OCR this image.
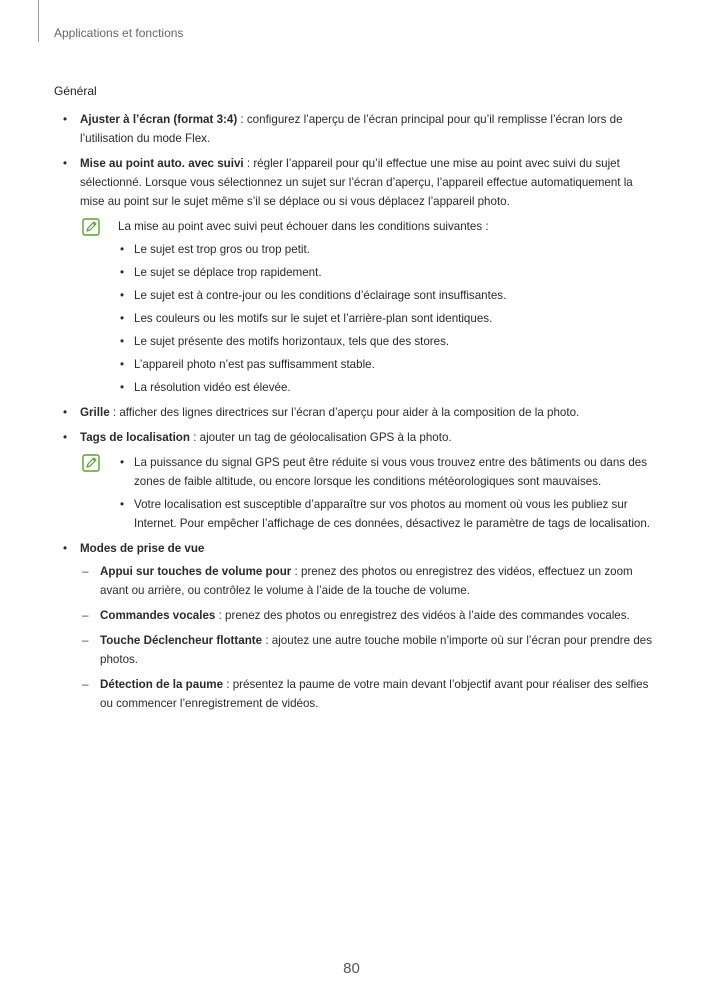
Applications et fonctions
Général
• Ajuster à l’écran (format 3:4) : configurez l’aperçu de l’écran principal pour qu’il remplisse l’écran lors de l’utilisation du mode Flex.
• Mise au point auto. avec suivi : régler l’appareil pour qu’il effectue une mise au point avec suivi du sujet sélectionné. Lorsque vous sélectionnez un sujet sur l’écran d’aperçu, l’appareil effectue automatiquement la mise au point sur le sujet même s’il se déplace ou si vous déplacez l’appareil photo.

La mise au point avec suivi peut échouer dans les conditions suivantes :

• Le sujet est trop gros ou trop petit.
• Le sujet se déplace trop rapidement.
• Le sujet est à contre-jour ou les conditions d’éclairage sont insuffisantes.
• Les couleurs ou les motifs sur le sujet et l’arrière-plan sont identiques.
• Le sujet présente des motifs horizontaux, tels que des stores.
• L’appareil photo n’est pas suffisamment stable.
• La résolution vidéo est élevée.
• Grille : afficher des lignes directrices sur l’écran d’aperçu pour aider à la composition de la photo.
• Tags de localisation : ajouter un tag de géolocalisation GPS à la photo.
• La puissance du signal GPS peut être réduite si vous vous trouvez entre des bâtiments ou dans des zones de faible altitude, ou encore lorsque les conditions météorologiques sont mauvaises.
• Votre localisation est susceptible d’apparaître sur vos photos au moment où vous les publiez sur Internet. Pour empêcher l’affichage de ces données, désactivez le paramètre de tags de localisation.
• Modes de prise de vue
– Appui sur touches de volume pour : prenez des photos ou enregistrez des vidéos, effectuez un zoom avant ou arrière, ou contrôlez le volume à l’aide de la touche de volume.
– Commandes vocales : prenez des photos ou enregistrez des vidéos à l’aide des commandes vocales.
– Touche Déclencheur flottante : ajoutez une autre touche mobile n’importe où sur l’écran pour prendre des photos.
– Détection de la paume : présentez la paume de votre main devant l’objectif avant pour réaliser des selfies ou commencer l’enregistrement de vidéos.
80
